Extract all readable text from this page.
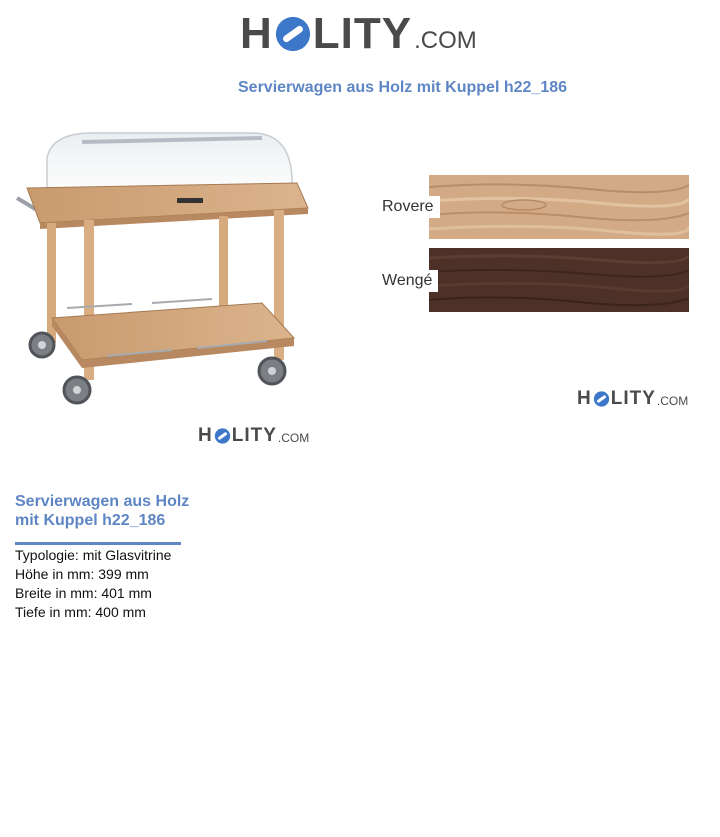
H LITY .COM
Servierwagen aus Holz mit Kuppel h22_186
H LITY .COM
Rovere
Wengé
H LITY .COM
Servierwagen aus Holz mit Kuppel h22_186
Typologie: mit Glasvitrine
Höhe in mm: 399 mm
Breite in mm: 401 mm
Tiefe in mm: 400 mm
